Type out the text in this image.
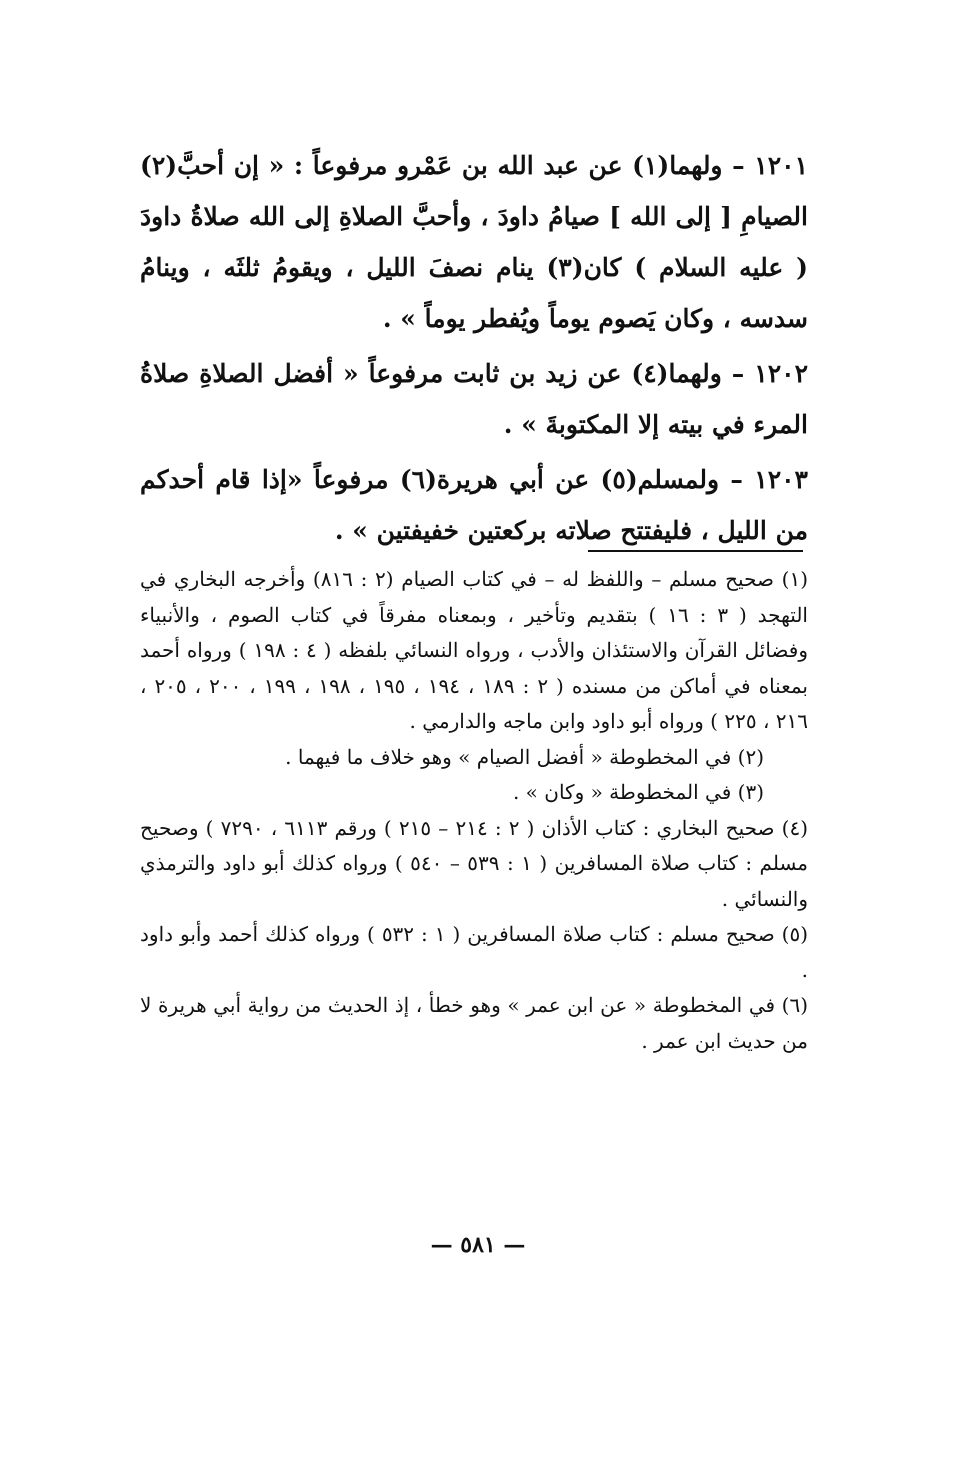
١٢٠١ – ولهما(١) عن عبد الله بن عَمْرو مرفوعاً : « إن أحبَّ(٢) الصيامِ [ إلى الله ] صيامُ داودَ ، وأحبَّ الصلاةِ إلى الله صلاةُ داودَ ( عليه السلام ) كان(٣) ينام نصفَ الليل ، ويقومُ ثلثَه ، وينامُ سدسه ، وكان يَصوم يوماً ويُفطر يوماً » .

١٢٠٢ – ولهما(٤) عن زيد بن ثابت مرفوعاً « أفضل الصلاةِ صلاةُ المرء في بيته إلا المكتوبةَ » .

١٢٠٣ – ولمسلم(٥) عن أبي هريرة(٦) مرفوعاً «إذا قام أحدكم من الليل ، فليفتتح صلاته بركعتين خفيفتين » .

(١) صحيح مسلم – واللفظ له – في كتاب الصيام (٢ : ٨١٦) وأخرجه البخاري في التهجد ( ٣ : ١٦ ) بتقديم وتأخير ، وبمعناه مفرقاً في كتاب الصوم ، والأنبياء وفضائل القرآن والاستئذان والأدب ، ورواه النسائي بلفظه ( ٤ : ١٩٨ ) ورواه أحمد بمعناه في أماكن من مسنده ( ٢ : ١٨٩ ، ١٩٤ ، ١٩٥ ، ١٩٨ ، ١٩٩ ، ٢٠٠ ، ٢٠٥ ، ٢١٦ ، ٢٢٥ ) ورواه أبو داود وابن ماجه والدارمي .

(٢) في المخطوطة « أفضل الصيام » وهو خلاف ما فيهما .

(٣) في المخطوطة « وكان » .

(٤) صحيح البخاري : كتاب الأذان ( ٢ : ٢١٤ – ٢١٥ ) ورقم ٦١١٣ ، ٧٢٩٠ ) وصحيح مسلم : كتاب صلاة المسافرين ( ١ : ٥٣٩ – ٥٤٠ ) ورواه كذلك أبو داود والترمذي والنسائي .

(٥) صحيح مسلم : كتاب صلاة المسافرين ( ١ : ٥٣٢ ) ورواه كذلك أحمد وأبو داود .

(٦) في المخطوطة « عن ابن عمر » وهو خطأ ، إذ الحديث من رواية أبي هريرة لا من حديث ابن عمر .

— ٥٨١ —
